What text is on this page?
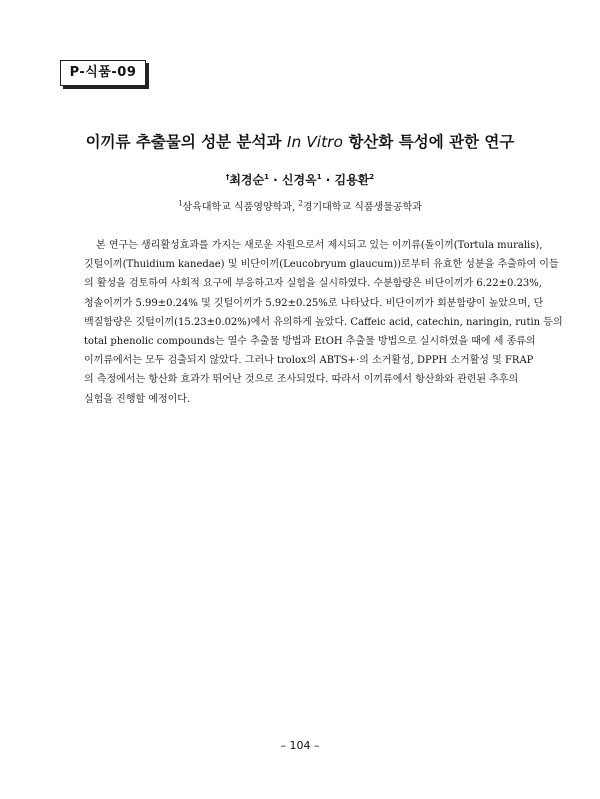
P-식품-09
이끼류 추출물의 성분 분석과 In Vitro 항산화 특성에 관한 연구
†최경순$^1$ · 신경옥$^1$ · 김용환$^2$
$^1$삼육대학교 식품영양학과, $^2$경기대학교 식품생물공학과
본 연구는 생리활성효과를 가지는 새로운 자원으로서 제시되고 있는 이끼류(돌이끼(Tortula muralis),
깃털이끼(Thuidium kanedae) 및 비단이끼(Leucobryum glaucum))로부터 유효한 성분을 추출하여 이들
의 활성을 검토하여 사회적 요구에 부응하고자 실험을 실시하였다. 수분함량은 비단이끼가 6.22±0.23%,
청솔이끼가 5.99±0.24% 및 깃털이끼가 5.92±0.25%로 나타났다. 비단이끼가 회분함량이 높았으며, 단
백질함량은 깃털이끼(15.23±0.02%)에서 유의하게 높았다. Caffeic acid, catechin, naringin, rutin 등의
total phenolic compounds는 열수 추출물 방법과 EtOH 추출물 방법으로 실시하였을 때에 세 종류의
이끼류에서는 모두 검출되지 않았다. 그러나 trolox의 ABTS+·의 소거활성, DPPH 소거활성 및 FRAP
의 측정에서는 항산화 효과가 뛰어난 것으로 조사되었다. 따라서 이끼류에서 항산화와 관련된 추후의
실험을 진행할 예정이다.
– 104 –
